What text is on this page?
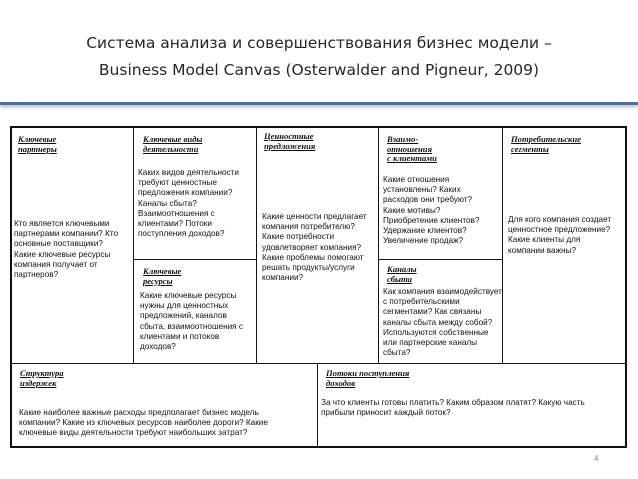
Система анализа и совершенствования бизнес модели –
Business Model Canvas (Osterwalder and Pigneur, 2009)
Ключевые
партнеры
Кто является ключевыми
партнерами компании? Кто
основные поставщики?
Какие ключевые ресурсы
компания получает от
партнеров?
Ключевые виды
деятельности
Каких видов деятельности
требуют ценностные
предложения компании?
Каналы сбыта?
Взаимоотношения с
клиентами? Потоки
поступления доходов?
Ключевые
ресурсы
Какие ключевые ресурсы
нужны для ценностных
предложений, каналов
сбыта, взаимоотношения с
клиентами и потоков
доходов?
Ценностные
предложения
Какие ценности предлагает
компания потребителю?
Какие потребности
удовлетворяет компания?
Какие проблемы помогают
решать продукты/услуги
компании?
Взаимо-
отношения
с клиентами
Какие отношения
установлены? Каких
расходов они требуют?
Какие мотивы?
Приобретение клиентов?
Удержание клиентов?
Увеличение продаж?
Каналы
сбыта
Как компания взаимодействует
с потребительскими
сегментами? Как связаны
каналы сбыта между собой?
Используются собственные
или партнерские каналы
сбыта?
Потребительские
сегменты
Для кого компания создает
ценностное предложение?
Какие клиенты для
компании важны?
Структура
издержек
Какие наиболее важные расходы предполагает бизнес модель
компании? Какие из ключевых ресурсов наиболее дороги? Какие
ключевые виды деятельности требуют наибольших затрат?
Потоки поступления
доходов
За что клиенты готовы платить? Каким образом платят? Какую часть
прибыли приносит каждый поток?
4
